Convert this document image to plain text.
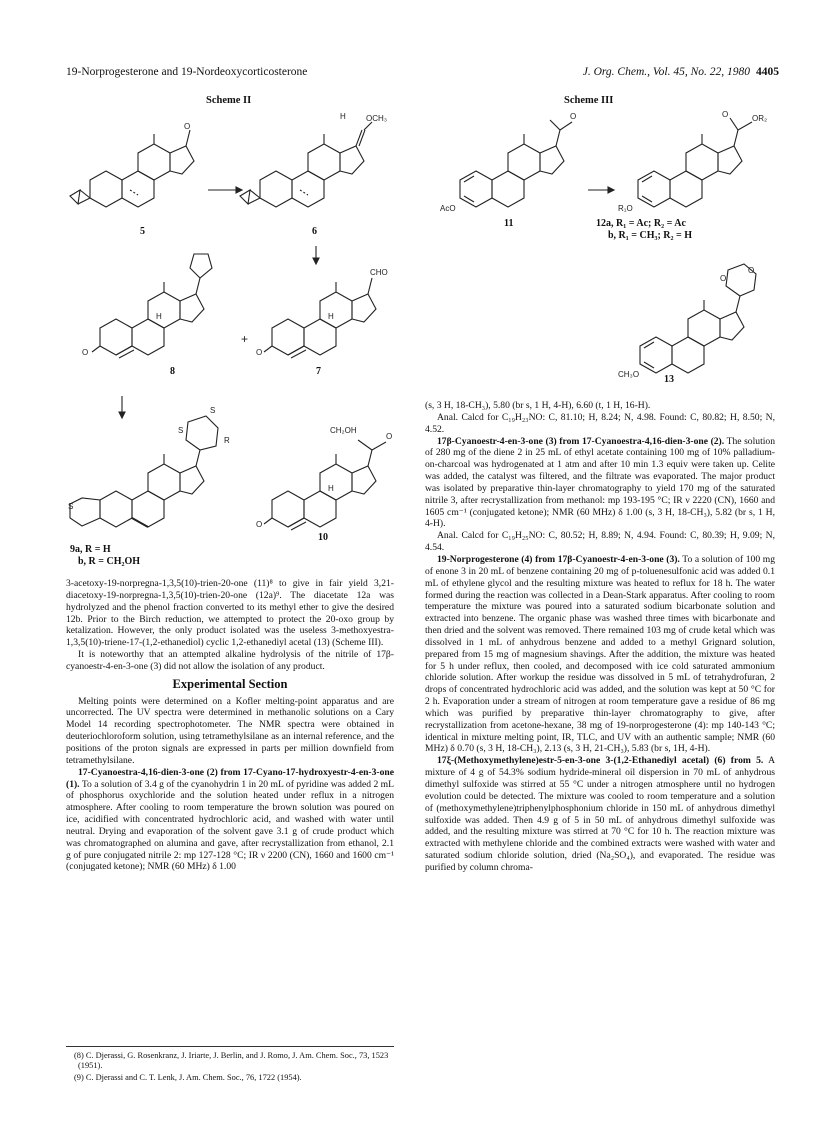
19-Norprogesterone and 19-Nordeoxycorticosterone	J. Org. Chem., Vol. 45, No. 22, 1980 4405
Scheme II	Scheme III
O
H	OCH₃
CHO
H	H
O	O
+
S
S
R
S
CH₂OH
O
H
O
5	6
8	7
10
9a, R = H
b, R = CH₂OH
O
AcO
OR₂
O
R₁O
CH₃O
O
O
11	12a, R₁ = Ac; R₂ = Ac
b, R₁ = CH₃; R₂ = H
13

3-acetoxy-19-norpregna-1,3,5(10)-trien-20-one (11)⁸ to give in fair yield 3,21-diacetoxy-19-norpregna-1,3,5(10)-trien-20-one (12a)⁹. The diacetate 12a was hydrolyzed and the phenol fraction converted to its methyl ether to give the desired 12b. Prior to the Birch reduction, we attempted to protect the 20-oxo group by ketalization. However, the only product isolated was the useless 3-methoxyestra-1,3,5(10)-triene-17-(1,2-ethanediol) cyclic 1,2-ethanediyl acetal (13) (Scheme III).

It is noteworthy that an attempted alkaline hydrolysis of the nitrile of 17β-cyanoestr-4-en-3-one (3) did not allow the isolation of any product.

Experimental Section

Melting points were determined on a Kofler melting-point apparatus and are uncorrected. The UV spectra were determined in methanolic solutions on a Cary Model 14 recording spectrophotometer. The NMR spectra were obtained in deuteriochloroform solution, using tetramethylsilane as an internal reference, and the positions of the proton signals are expressed in parts per million downfield from tetramethylsilane.

17-Cyanoestra-4,16-dien-3-one (2) from 17-Cyano-17-hydroxyestr-4-en-3-one (1). To a solution of 3.4 g of the cyanohydrin 1 in 20 mL of pyridine was added 2 mL of phosphorus oxychloride and the solution heated under reflux in a nitrogen atmosphere. After cooling to room temperature the brown solution was poured on ice, acidified with concentrated hydrochloric acid, and washed with water until neutral. Drying and evaporation of the solvent gave 3.1 g of crude product which was chromatographed on alumina and gave, after recrystallization from ethanol, 2.1 g of pure conjugated nitrile 2: mp 127-128 °C; IR ν 2200 (CN), 1660 and 1600 cm⁻¹ (conjugated ketone); NMR (60 MHz) δ 1.00

(8) C. Djerassi, G. Rosenkranz, J. Iriarte, J. Berlin, and J. Romo, J. Am. Chem. Soc., 73, 1523 (1951).

(9) C. Djerassi and C. T. Lenk, J. Am. Chem. Soc., 76, 1722 (1954).

(s, 3 H, 18-CH₃), 5.80 (br s, 1 H, 4-H), 6.60 (t, 1 H, 16-H).

Anal. Calcd for C₁₉H₂₃NO: C, 81.10; H, 8.24; N, 4.98. Found: C, 80.82; H, 8.50; N, 4.52.

17β-Cyanoestr-4-en-3-one (3) from 17-Cyanoestra-4,16-dien-3-one (2). The solution of 280 mg of the diene 2 in 25 mL of ethyl acetate containing 100 mg of 10% palladium-on-charcoal was hydrogenated at 1 atm and after 10 min 1.3 equiv were taken up. Celite was added, the catalyst was filtered, and the filtrate was evaporated. The major product was isolated by preparative thin-layer chromatography to yield 170 mg of the saturated nitrile 3, after recrystallization from methanol: mp 193-195 °C; IR ν 2220 (CN), 1660 and 1605 cm⁻¹ (conjugated ketone); NMR (60 MHz) δ 1.00 (s, 3 H, 18-CH₃), 5.82 (br s, 1 H, 4-H).

Anal. Calcd for C₁₉H₂₅NO: C, 80.52; H, 8.89; N, 4.94. Found: C, 80.39; H, 9.09; N, 4.54.

19-Norprogesterone (4) from 17β-Cyanoestr-4-en-3-one (3). To a solution of 100 mg of enone 3 in 20 mL of benzene containing 20 mg of p-toluenesulfonic acid was added 0.1 mL of ethylene glycol and the resulting mixture was heated to reflux for 18 h. The water formed during the reaction was collected in a Dean-Stark apparatus. After cooling to room temperature the mixture was poured into a saturated sodium bicarbonate solution and extracted into benzene. The organic phase was washed three times with bicarbonate and then dried and the solvent was removed. There remained 103 mg of crude ketal which was dissolved in 1 mL of anhydrous benzene and added to a methyl Grignard solution, prepared from 15 mg of magnesium shavings. After the addition, the mixture was heated for 5 h under reflux, then cooled, and decomposed with ice cold saturated ammonium chloride solution. After workup the residue was dissolved in 5 mL of tetrahydrofuran, 2 drops of concentrated hydrochloric acid was added, and the solution was kept at 50 °C for 2 h. Evaporation under a stream of nitrogen at room temperature gave a residue of 86 mg which was purified by preparative thin-layer chromatography to give, after recrystallization from acetone-hexane, 38 mg of 19-norprogesterone (4): mp 140-143 °C; identical in mixture melting point, IR, TLC, and UV with an authentic sample; NMR (60 MHz) δ 0.70 (s, 3 H, 18-CH₃), 2.13 (s, 3 H, 21-CH₃), 5.83 (br s, 1H, 4-H).

17ξ-(Methoxymethylene)estr-5-en-3-one 3-(1,2-Ethanediyl acetal) (6) from 5. A mixture of 4 g of 54.3% sodium hydride-mineral oil dispersion in 70 mL of anhydrous dimethyl sulfoxide was stirred at 55 °C under a nitrogen atmosphere until no hydrogen evolution could be detected. The mixture was cooled to room temperature and a solution of (methoxymethylene)triphenylphosphonium chloride in 150 mL of anhydrous dimethyl sulfoxide was added. Then 4.9 g of 5 in 50 mL of anhydrous dimethyl sulfoxide was added, and the resulting mixture was stirred at 70 °C for 10 h. The reaction mixture was extracted with methylene chloride and the combined extracts were washed with water and saturated sodium chloride solution, dried (Na₂SO₄), and evaporated. The residue was purified by column chroma-
